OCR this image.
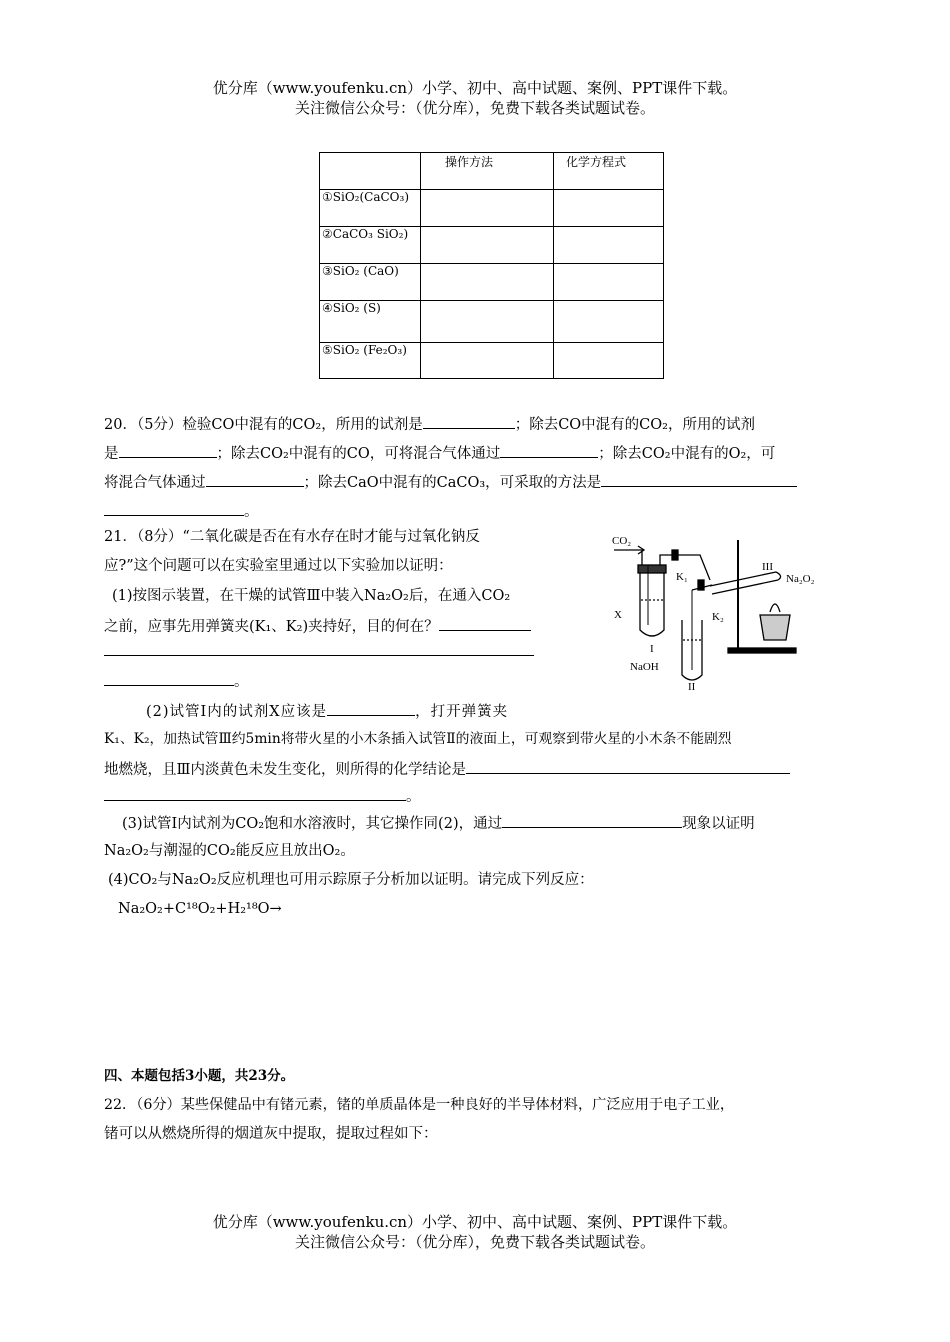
优分库（www.youfenku.cn）小学、初中、高中试题、案例、PPT课件下载。
关注微信公众号：（优分库），免费下载各类试题试卷。
	操作方法	化学方程式
①SiO₂(CaCO₃)		
②CaCO₃ SiO₂)		
③SiO₂ (CaO)		
④SiO₂ (S)		
⑤SiO₂ (Fe₂O₃)		
20．（5分）检验CO中混有的CO₂，所用的试剂是	；除去CO中混有的CO₂，所用的试剂
是	；除去CO₂中混有的CO，可将混合气体通过	；除去CO₂中混有的O₂，可
将混合气体通过	；除去CaO中混有的CaCO₃，可采取的方法是
。
21．（8分）“二氧化碳是否在有水存在时才能与过氧化钠反
应?”这个问题可以在实验室里通过以下实验加以证明：
(1)按图示装置，在干燥的试管Ⅲ中装入Na₂O₂后，在通入CO₂
之前，应事先用弹簧夹(K₁、K₂)夹持好，目的何在？
。
(2)试管Ⅰ内的试剂X应该是	，打开弹簧夹
K₁、K₂，加热试管Ⅲ约5min将带火星的小木条插入试管Ⅱ的液面上，可观察到带火星的小木条不能剧烈
地燃烧，且Ⅲ内淡黄色未发生变化，则所得的化学结论是
。
(3)试管Ⅰ内试剂为CO₂饱和水溶液时，其它操作同(2)，通过	现象以证明
Na₂O₂与潮湿的CO₂能反应且放出O₂。
(4)CO₂与Na₂O₂反应机理也可用示踪原子分析加以证明。请完成下列反应：
Na₂O₂+C¹⁸O₂+H₂¹⁸O→
CO₂
K₁
K₂
X
I
II
III
NaOH
Na₂O₂
四、本题包括3小题，共23分。
22．（6分）某些保健品中有锗元素，锗的单质晶体是一种良好的半导体材料，广泛应用于电子工业，
锗可以从燃烧所得的烟道灰中提取，提取过程如下：
优分库（www.youfenku.cn）小学、初中、高中试题、案例、PPT课件下载。
关注微信公众号：（优分库），免费下载各类试题试卷。
